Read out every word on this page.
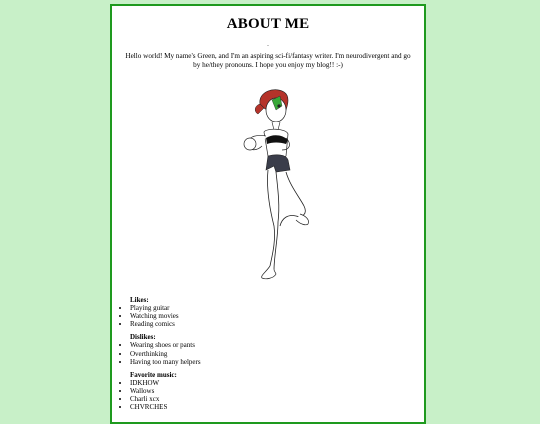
ABOUT ME
.
Hello world! My name's Green, and I'm an aspiring sci-fi/fantasy writer. I'm neurodivergent and go by he/they pronouns. I hope you enjoy my blog!! :-)
Likes:
• Playing guitar
• Watching movies
• Reading comics
Dislikes:
• Wearing shoes or pants
• Overthinking
• Having too many helpers
Favorite music:
• IDKHOW
• Wallows
• Charli xcx
• CHVRCHES
